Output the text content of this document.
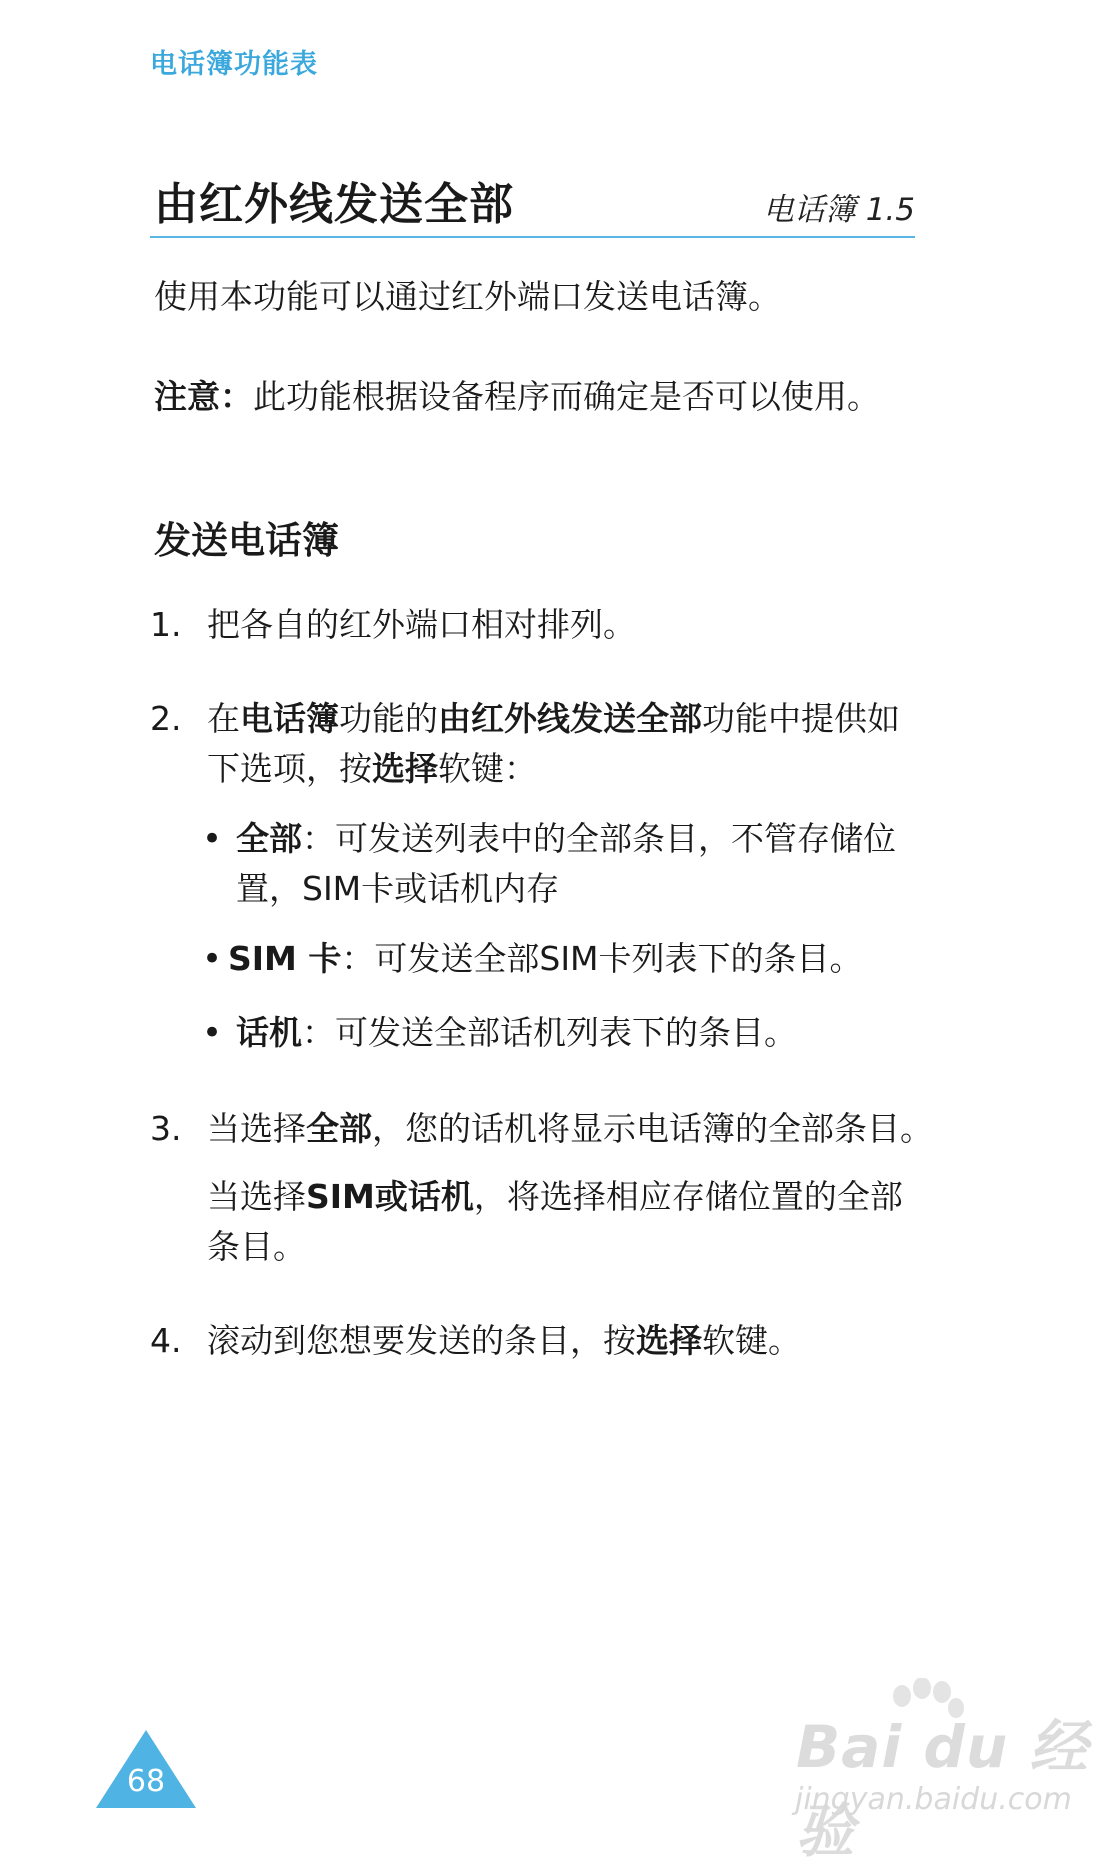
电话簿功能表
由红外线发送全部	电话簿 1.5
使用本功能可以通过红外端口发送电话簿。
注意：此功能根据设备程序而确定是否可以使用。
发送电话簿
1. 把各自的红外端口相对排列。
2. 在电话簿功能的由红外线发送全部功能中提供如
下选项，按选择软键：
• 全部：可发送列表中的全部条目，不管存储位
置，SIM卡或话机内存
• SIM 卡：可发送全部SIM卡列表下的条目。
• 话机：可发送全部话机列表下的条目。
3. 当选择全部，您的话机将显示电话簿的全部条目。
当选择SIM或话机，将选择相应存储位置的全部
条目。
4. 滚动到您想要发送的条目，按选择软键。
68
Bai du 经验
jingyan.baidu.com
